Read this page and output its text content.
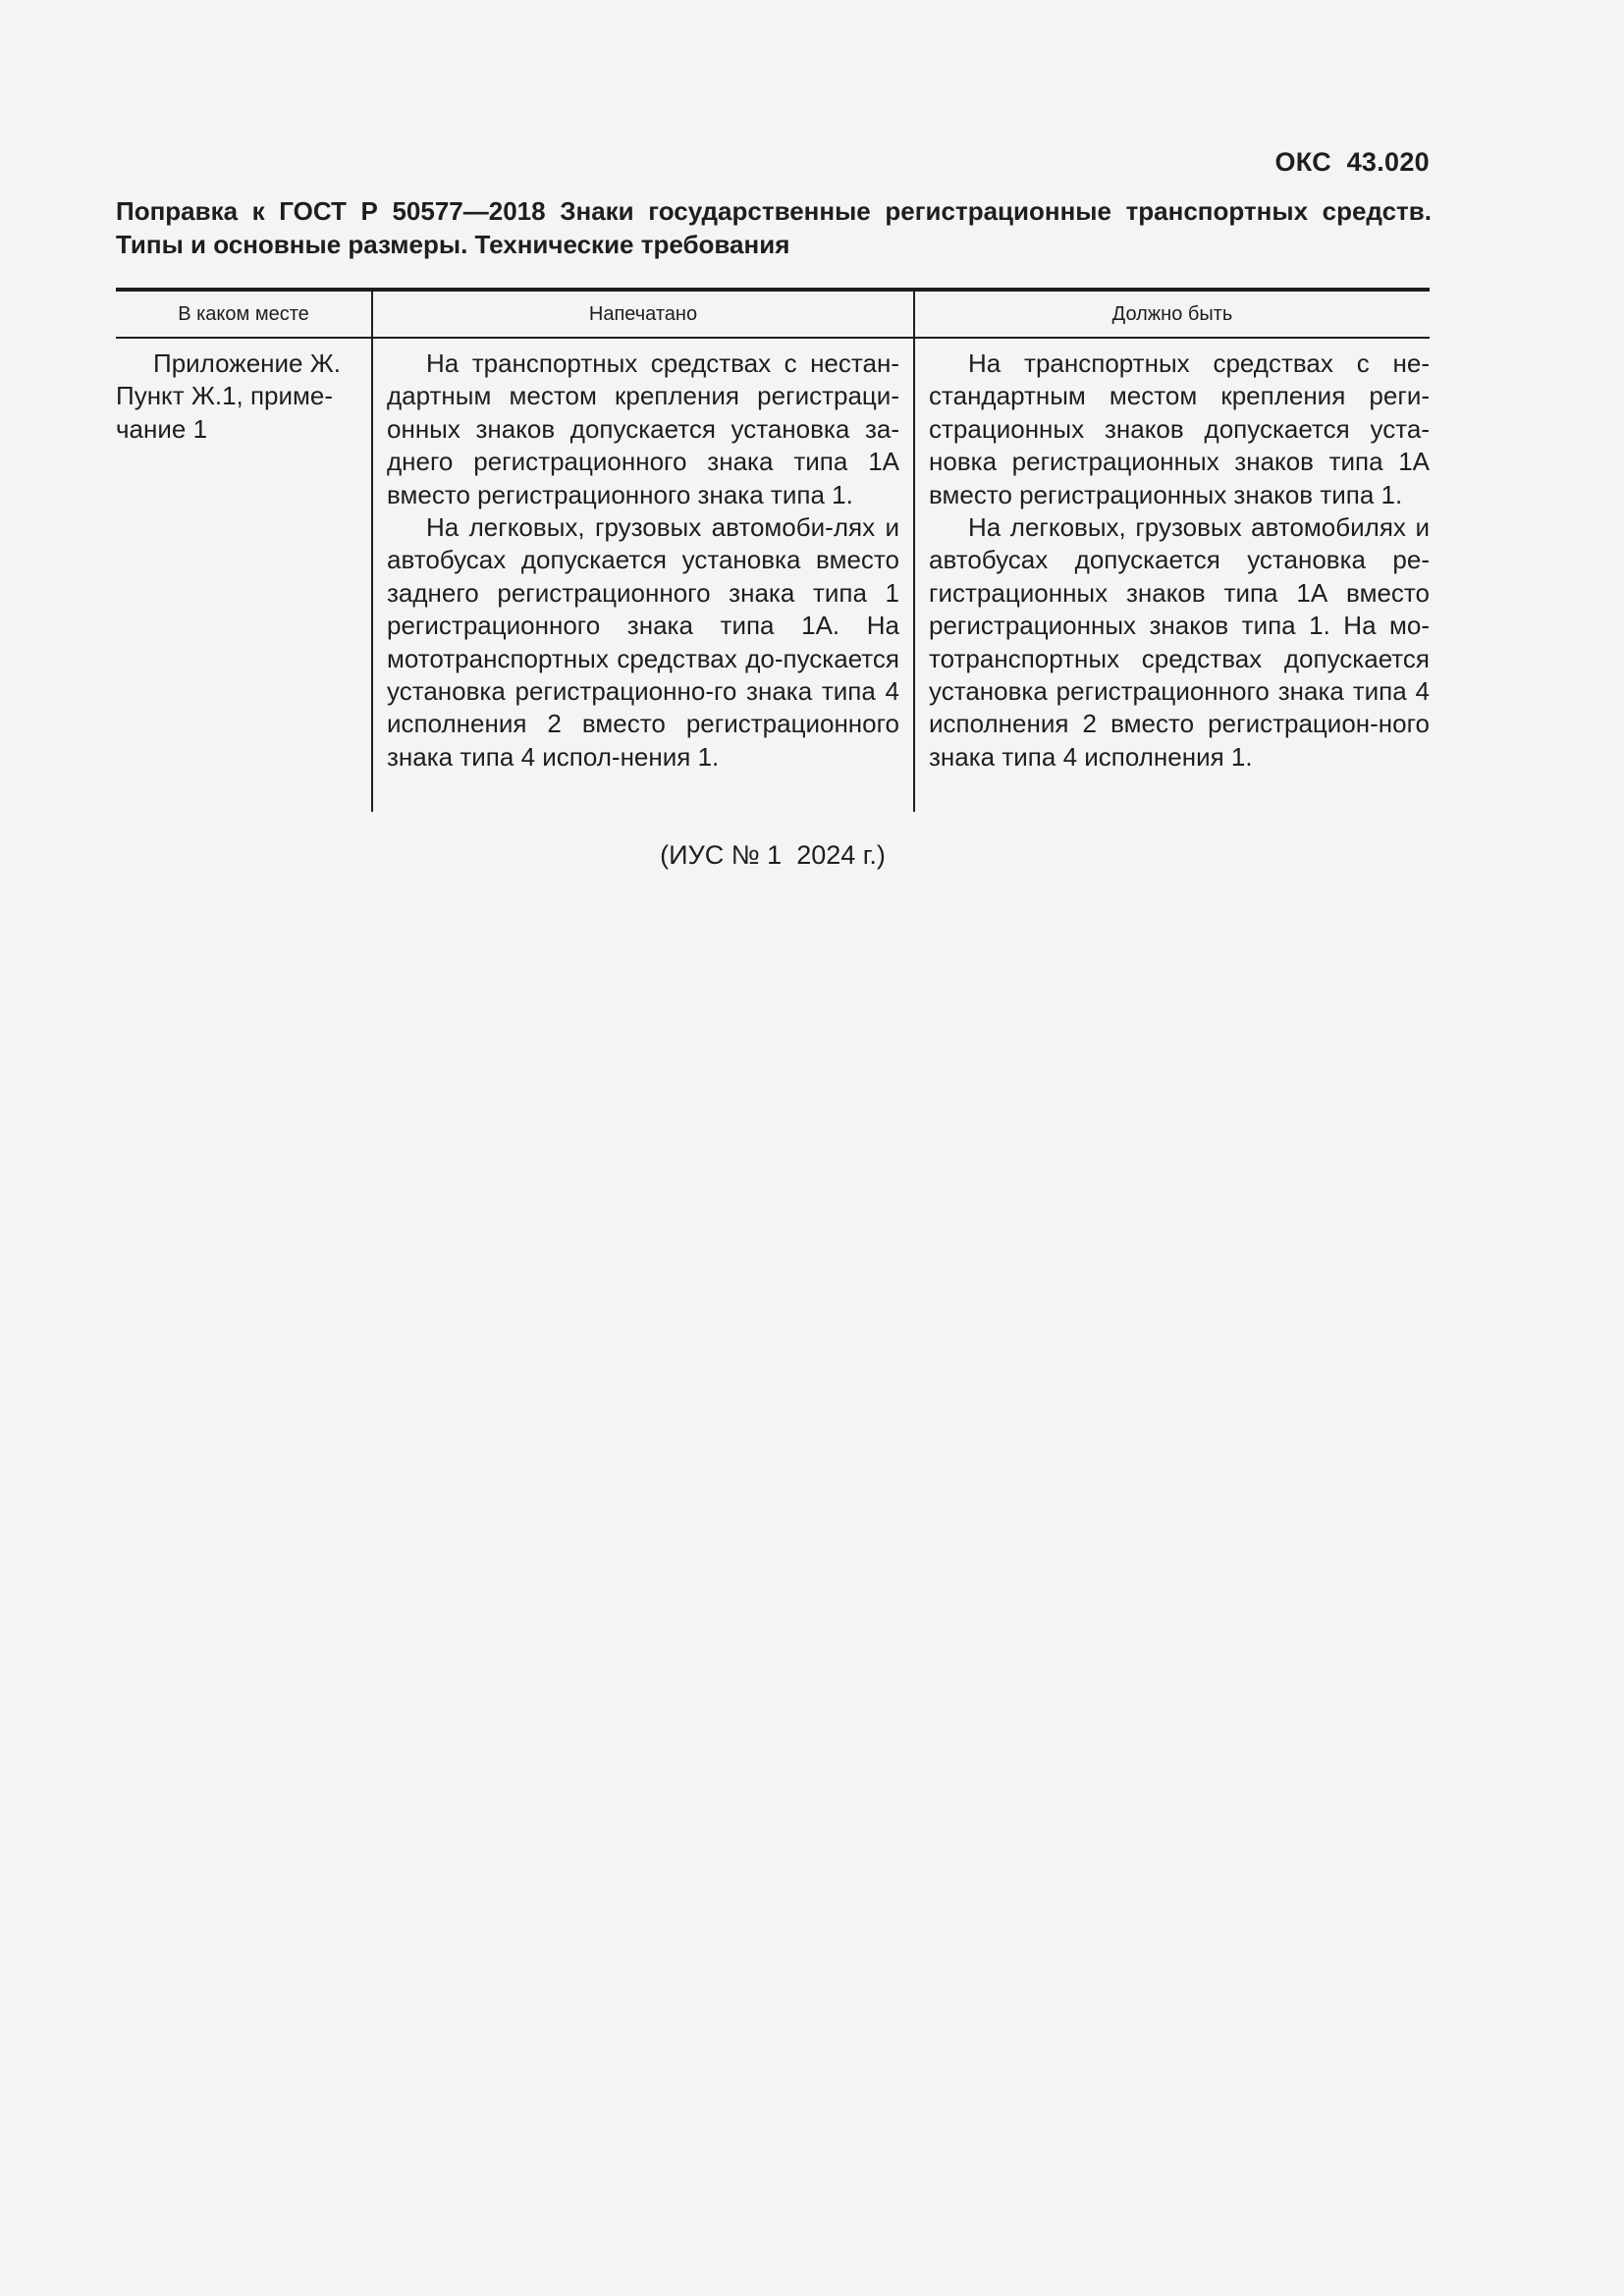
ОКС  43.020
Поправка к ГОСТ Р 50577—2018 Знаки государственные регистрационные транспортных средств.
Типы и основные размеры. Технические требования
В каком месте	Напечатано	Должно быть

Приложение Ж. Пункт Ж.1, приме-чание 1

На транспортных средствах с нестан-дартным местом крепления регистраци-онных знаков допускается установка за-днего регистрационного знака типа 1А вместо регистрационного знака типа 1.

На легковых, грузовых автомоби-лях и автобусах допускается установка вместо заднего регистрационного знака типа 1 регистрационного знака типа 1А. На мототранспортных средствах до-пускается установка регистрационно-го знака типа 4 исполнения 2 вместо регистрационного знака типа 4 испол-нения 1.

На транспортных средствах с не-стандартным местом крепления реги-страционных знаков допускается уста-новка регистрационных знаков типа 1А вместо регистрационных знаков типа 1.

На легковых, грузовых автомобилях и автобусах допускается установка ре-гистрационных знаков типа 1А вместо регистрационных знаков типа 1. На мо-тотранспортных средствах допускается установка регистрационного знака типа 4 исполнения 2 вместо регистрацион-ного знака типа 4 исполнения 1.

(ИУС № 1  2024 г.)
